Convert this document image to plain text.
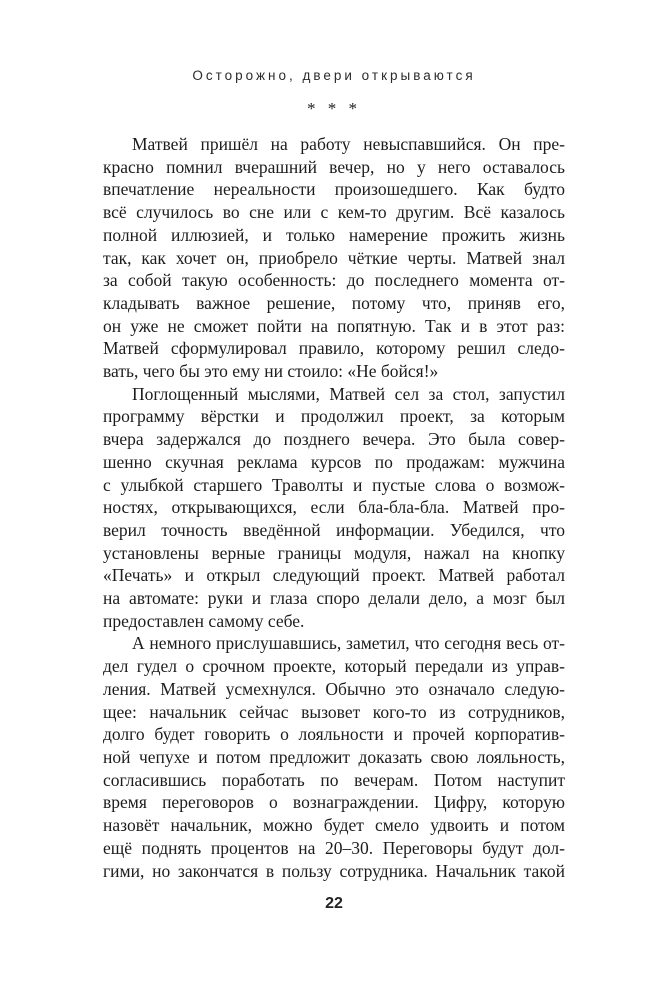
Осторожно, двери открываются
* * *
Матвей пришёл на работу невыспавшийся. Он пре-
красно помнил вчерашний вечер, но у него оставалось
впечатление нереальности произошедшего. Как будто
всё случилось во сне или с кем-то другим. Всё казалось
полной иллюзией, и только намерение прожить жизнь
так, как хочет он, приобрело чёткие черты. Матвей знал
за собой такую особенность: до последнего момента от-
кладывать важное решение, потому что, приняв его,
он уже не сможет пойти на попятную. Так и в этот раз:
Матвей сформулировал правило, которому решил следо-
вать, чего бы это ему ни стоило: «Не бойся!»
Поглощенный мыслями, Матвей сел за стол, запустил
программу вёрстки и продолжил проект, за которым
вчера задержался до позднего вечера. Это была совер-
шенно скучная реклама курсов по продажам: мужчина
с улыбкой старшего Траволты и пустые слова о возмож-
ностях, открывающихся, если бла-бла-бла. Матвей про-
верил точность введённой информации. Убедился, что
установлены верные границы модуля, нажал на кнопку
«Печать» и открыл следующий проект. Матвей работал
на автомате: руки и глаза споро делали дело, а мозг был
предоставлен самому себе.
А немного прислушавшись, заметил, что сегодня весь от-
дел гудел о срочном проекте, который передали из управ-
ления. Матвей усмехнулся. Обычно это означало следую-
щее: начальник сейчас вызовет кого-то из сотрудников,
долго будет говорить о лояльности и прочей корпоратив-
ной чепухе и потом предложит доказать свою лояльность,
согласившись поработать по вечерам. Потом наступит
время переговоров о вознаграждении. Цифру, которую
назовёт начальник, можно будет смело удвоить и потом
ещё поднять процентов на 20–30. Переговоры будут дол-
гими, но закончатся в пользу сотрудника. Начальник такой
22
